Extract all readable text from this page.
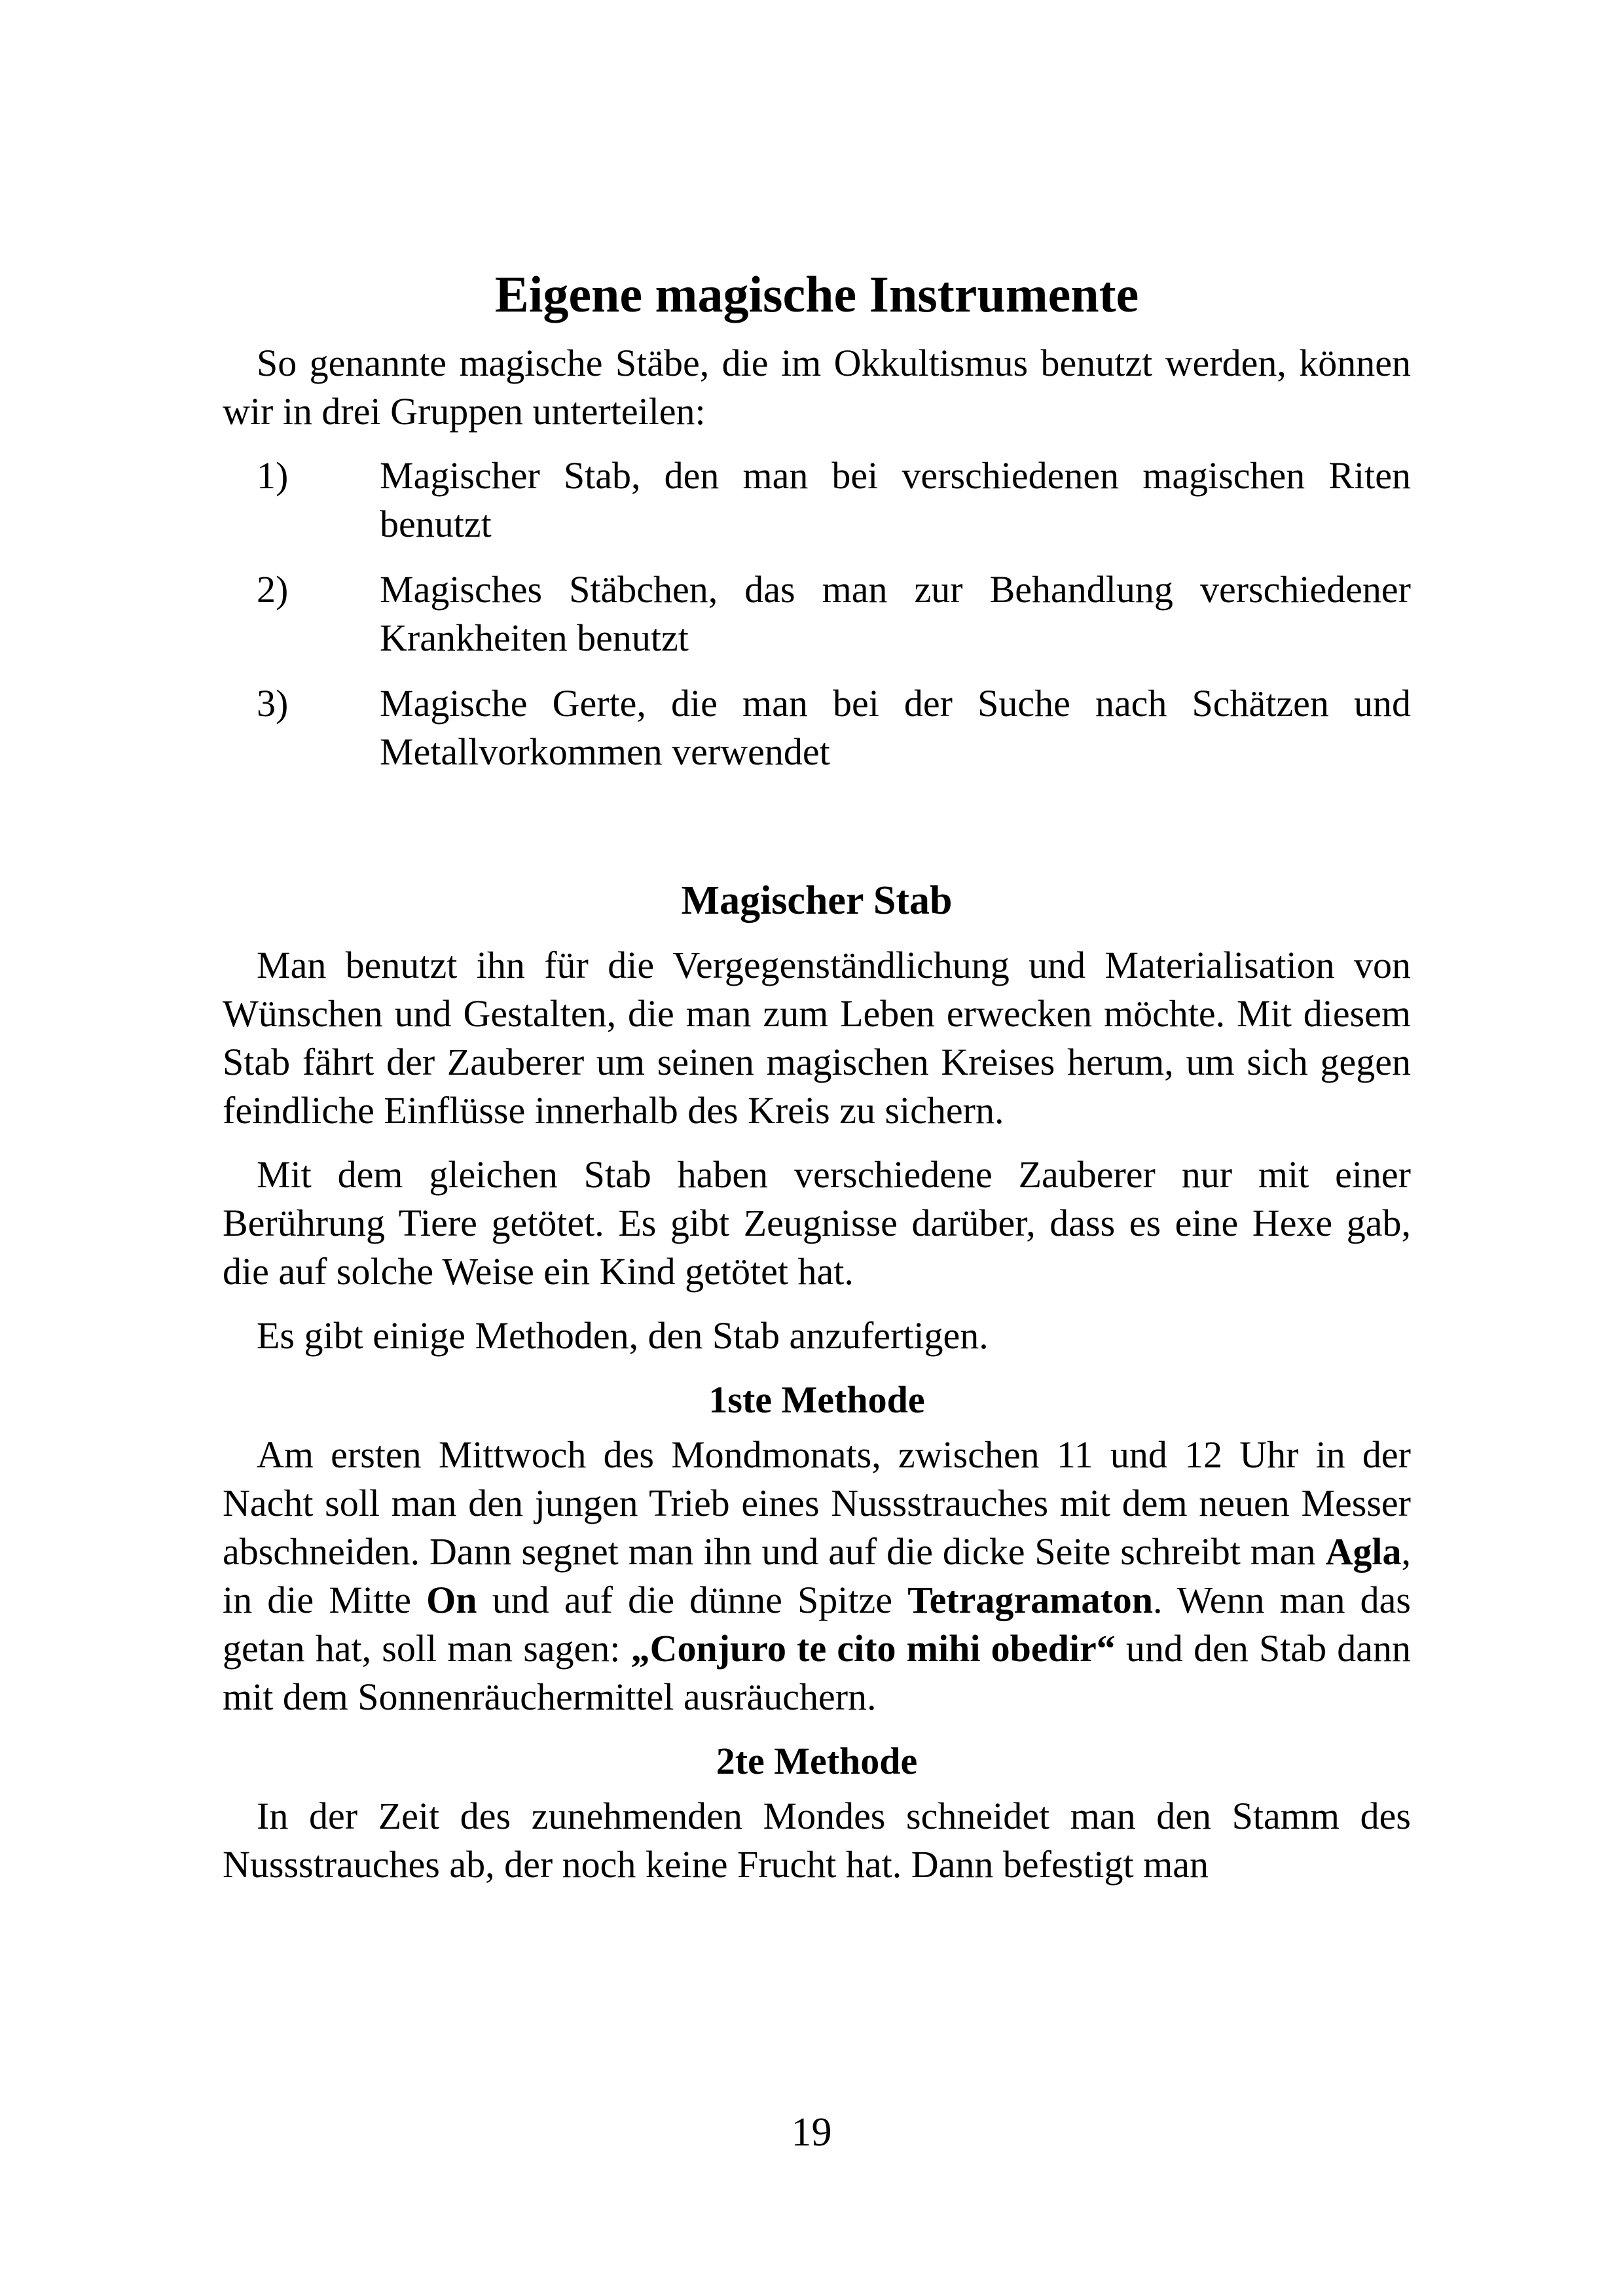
Eigene magische Instrumente

So genannte magische Stäbe, die im Okkultismus benutzt werden, können wir in drei Gruppen unterteilen:

1)	Magischer Stab, den man bei verschiedenen magischen Riten benutzt
2)	Magisches Stäbchen, das man zur Behandlung verschiedener Krankheiten benutzt
3)	Magische Gerte, die man bei der Suche nach Schätzen und Metallvorkommen verwendet
Magischer Stab

Man benutzt ihn für die Vergegenständlichung und Materialisation von Wünschen und Gestalten, die man zum Leben erwecken möchte. Mit diesem Stab fährt der Zauberer um seinen magischen Kreises herum, um sich gegen feindliche Einflüsse innerhalb des Kreis zu sichern.

Mit dem gleichen Stab haben verschiedene Zauberer nur mit einer Berührung Tiere getötet. Es gibt Zeugnisse darüber, dass es eine Hexe gab, die auf solche Weise ein Kind getötet hat.

Es gibt einige Methoden, den Stab anzufertigen.

1ste Methode

Am ersten Mittwoch des Mondmonats, zwischen 11 und 12 Uhr in der Nacht soll man den jungen Trieb eines Nussstrauches mit dem neuen Messer abschneiden. Dann segnet man ihn und auf die dicke Seite schreibt man Agla, in die Mitte On und auf die dünne Spitze Tetragramaton. Wenn man das getan hat, soll man sagen: „Conjuro te cito mihi obedir“ und den Stab dann mit dem Sonnenräuchermittel ausräuchern.

2te Methode

In der Zeit des zunehmenden Mondes schneidet man den Stamm des Nussstrauches ab, der noch keine Frucht hat. Dann befestigt man

19
